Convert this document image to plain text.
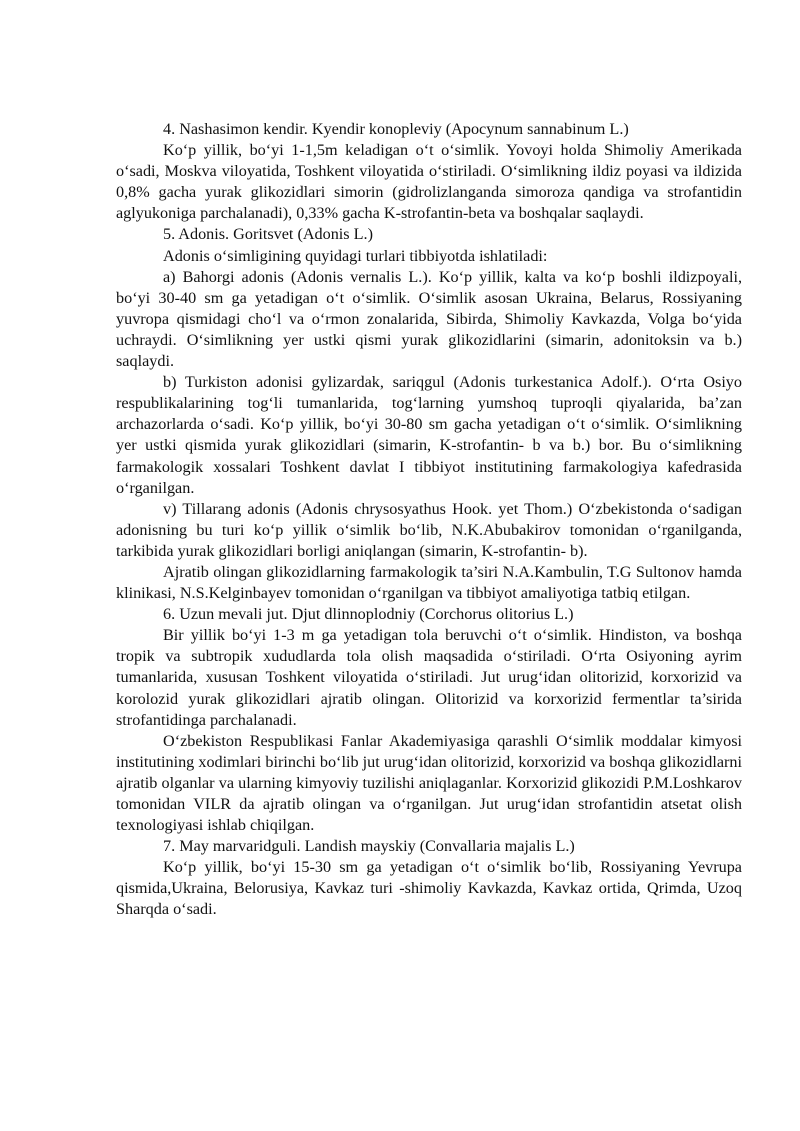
4. Nashasimon kendir. Kyendir konopleviy (Apocynum sannabinum L.)

Ko‘p yillik, bo‘yi 1-1,5m keladigan o‘t o‘simlik. Yovoyi holda Shimoliy Amerikada o‘sadi, Moskva viloyatida, Toshkent viloyatida o‘stiriladi. O‘simlikning ildiz poyasi va ildizida 0,8% gacha yurak glikozidlari simorin (gidrolizlanganda simoroza qandiga va strofantidin aglyukoniga parchalanadi), 0,33% gacha K-strofantin-beta va boshqalar saqlaydi.

5. Adonis. Goritsvet (Adonis L.)

Adonis o‘simligining quyidagi turlari tibbiyotda ishlatiladi:

a) Bahorgi adonis (Adonis vernalis L.). Ko‘p yillik, kalta va ko‘p boshli ildizpoyali, bo‘yi 30-40 sm ga yetadigan o‘t o‘simlik. O‘simlik asosan Ukraina, Belarus, Rossiyaning yuvropa qismidagi cho‘l va o‘rmon zonalarida, Sibirda, Shimoliy Kavkazda, Volga bo‘yida uchraydi. O‘simlikning yer ustki qismi yurak glikozidlarini (simarin, adonitoksin va b.) saqlaydi.

b) Turkiston adonisi gylizardak, sariqgul (Adonis turkestanica Adolf.). O‘rta Osiyo respublikalarining tog‘li tumanlarida, tog‘larning yumshoq tuproqli qiyalarida, ba’zan archazorlarda o‘sadi. Ko‘p yillik, bo‘yi 30-80 sm gacha yetadigan o‘t o‘simlik. O‘simlikning yer ustki qismida yurak glikozidlari (simarin, K-strofantin- b va b.) bor. Bu o‘simlikning farmakologik xossalari Toshkent davlat I tibbiyot institutining farmakologiya kafedrasida o‘rganilgan.

v) Tillarang adonis (Adonis chrysosyathus Hook. yet Thom.) O‘zbekistonda o‘sadigan adonisning bu turi ko‘p yillik o‘simlik bo‘lib, N.K.Abubakirov tomonidan o‘rganilganda, tarkibida yurak glikozidlari borligi aniqlangan (simarin, K-strofantin- b).

Ajratib olingan glikozidlarning farmakologik ta’siri N.A.Kambulin, T.G Sultonov hamda klinikasi, N.S.Kelginbayev tomonidan o‘rganilgan va tibbiyot amaliyotiga tatbiq etilgan.

6. Uzun mevali jut. Djut dlinnoplodniy (Corchorus olitorius L.)

Bir yillik bo‘yi 1-3 m ga yetadigan tola beruvchi o‘t o‘simlik. Hindiston, va boshqa tropik va subtropik xududlarda tola olish maqsadida o‘stiriladi. O‘rta Osiyoning ayrim tumanlarida, xususan Toshkent viloyatida o‘stiriladi. Jut urug‘idan olitorizid, korxorizid va korolozid yurak glikozidlari ajratib olingan. Olitorizid va korxorizid fermentlar ta’sirida strofantidinga parchalanadi.

O‘zbekiston Respublikasi Fanlar Akademiyasiga qarashli O‘simlik moddalar kimyosi institutining xodimlari birinchi bo‘lib jut urug‘idan olitorizid, korxorizid va boshqa glikozidlarni ajratib olganlar va ularning kimyoviy tuzilishi aniqlaganlar. Korxorizid glikozidi P.M.Loshkarov tomonidan VILR da ajratib olingan va o‘rganilgan. Jut urug‘idan strofantidin atsetat olish texnologiyasi ishlab chiqilgan.

7. May marvaridguli. Landish mayskiy (Convallaria majalis L.)

Ko‘p yillik, bo‘yi 15-30 sm ga yetadigan o‘t o‘simlik bo‘lib, Rossiyaning Yevrupa qismida,Ukraina, Belorusiya, Kavkaz turi -shimoliy Kavkazda, Kavkaz ortida, Qrimda, Uzoq Sharqda o‘sadi.
